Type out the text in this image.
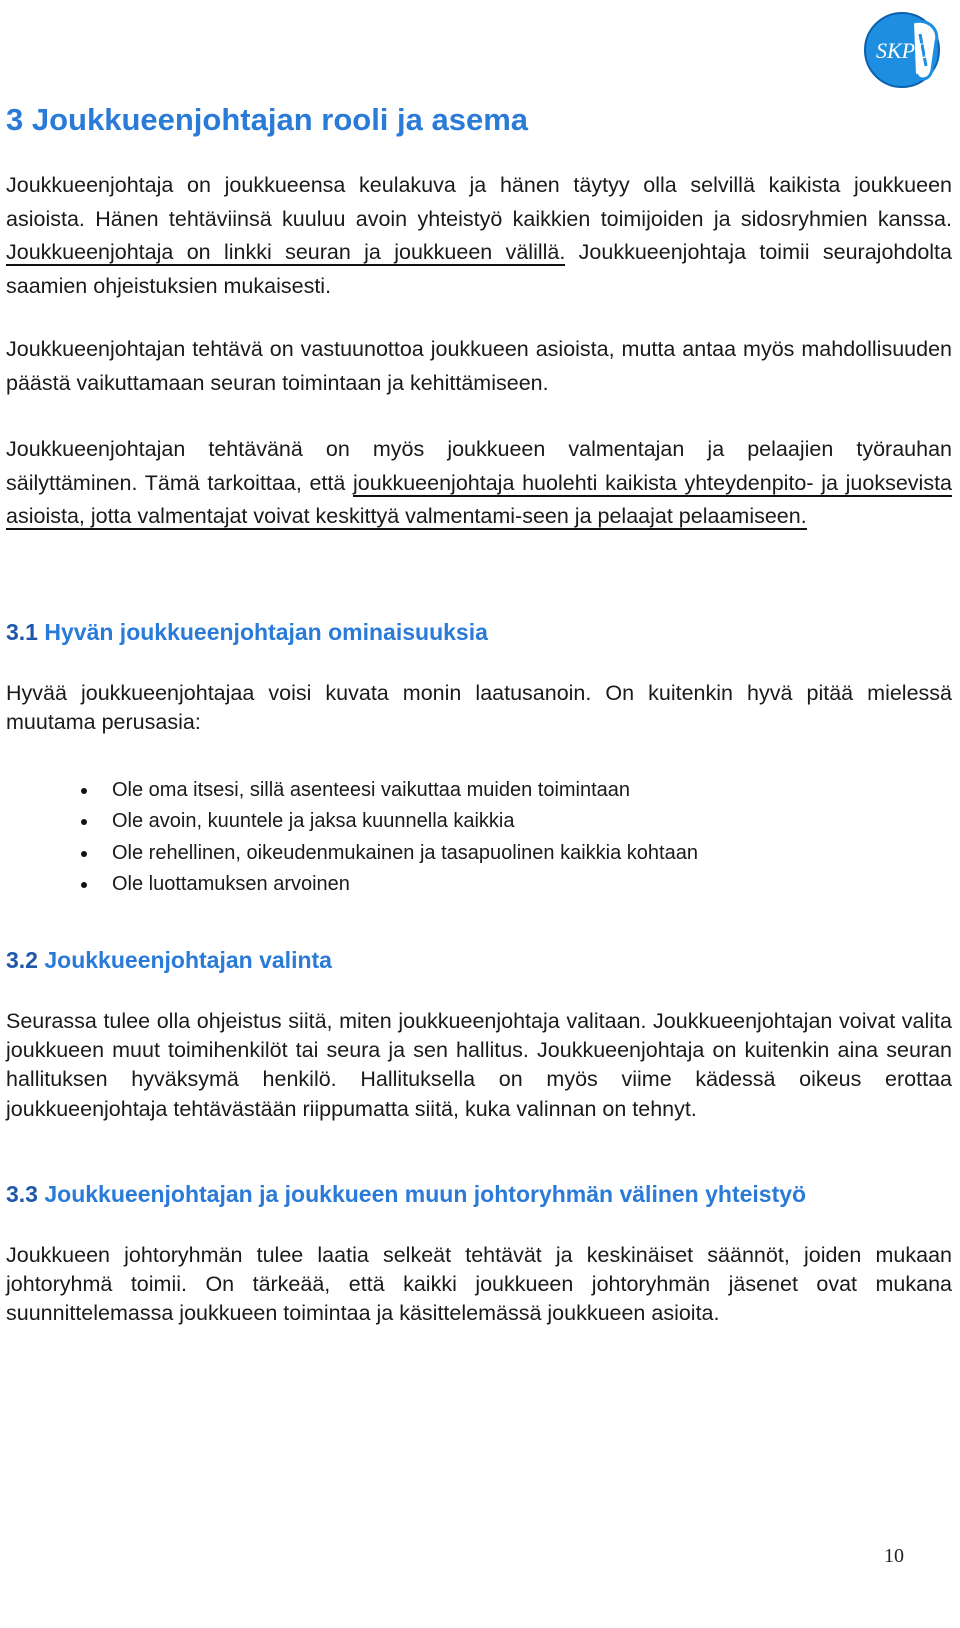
SKPL
3 Joukkueenjohtajan rooli ja asema

Joukkueenjohtaja on joukkueensa keulakuva ja hänen täytyy olla selvillä kaikista joukkueen asioista. Hänen tehtäviinsä kuuluu avoin yhteistyö kaikkien toimijoiden ja sidosryhmien kanssa. Joukkueenjohtaja on linkki seuran ja joukkueen välillä. Joukkueenjohtaja toimii seurajohdolta saamien ohjeistuksien mukaisesti.

Joukkueenjohtajan tehtävä on vastuunottoa joukkueen asioista, mutta antaa myös mahdollisuuden päästä vaikuttamaan seuran toimintaan ja kehittämiseen.

Joukkueenjohtajan tehtävänä on myös joukkueen valmentajan ja pelaajien työrauhan säilyttäminen. Tämä tarkoittaa, että joukkueenjohtaja huolehti kaikista yhteydenpito- ja juoksevista asioista, jotta valmentajat voivat keskittyä valmentami-seen ja pelaajat pelaamiseen.

3.1 Hyvän joukkueenjohtajan ominaisuuksia

Hyvää joukkueenjohtajaa voisi kuvata monin laatusanoin. On kuitenkin hyvä pitää mielessä muutama perusasia:

Ole oma itsesi, sillä asenteesi vaikuttaa muiden toimintaan
Ole avoin, kuuntele ja jaksa kuunnella kaikkia
Ole rehellinen, oikeudenmukainen ja tasapuolinen kaikkia kohtaan
Ole luottamuksen arvoinen
3.2 Joukkueenjohtajan valinta

Seurassa tulee olla ohjeistus siitä, miten joukkueenjohtaja valitaan. Joukkueenjohtajan voivat valita joukkueen muut toimihenkilöt tai seura ja sen hallitus. Joukkueenjohtaja on kuitenkin aina seuran hallituksen hyväksymä henkilö. Hallituksella on myös viime kädessä oikeus erottaa joukkueenjohtaja tehtävästään riippumatta siitä, kuka valinnan on tehnyt.

3.3 Joukkueenjohtajan ja joukkueen muun johtoryhmän välinen yhteistyö

Joukkueen johtoryhmän tulee laatia selkeät tehtävät ja keskinäiset säännöt, joiden mukaan johtoryhmä toimii. On tärkeää, että kaikki joukkueen johtoryhmän jäsenet ovat mukana suunnittelemassa joukkueen toimintaa ja käsittelemässä joukkueen asioita.

10
